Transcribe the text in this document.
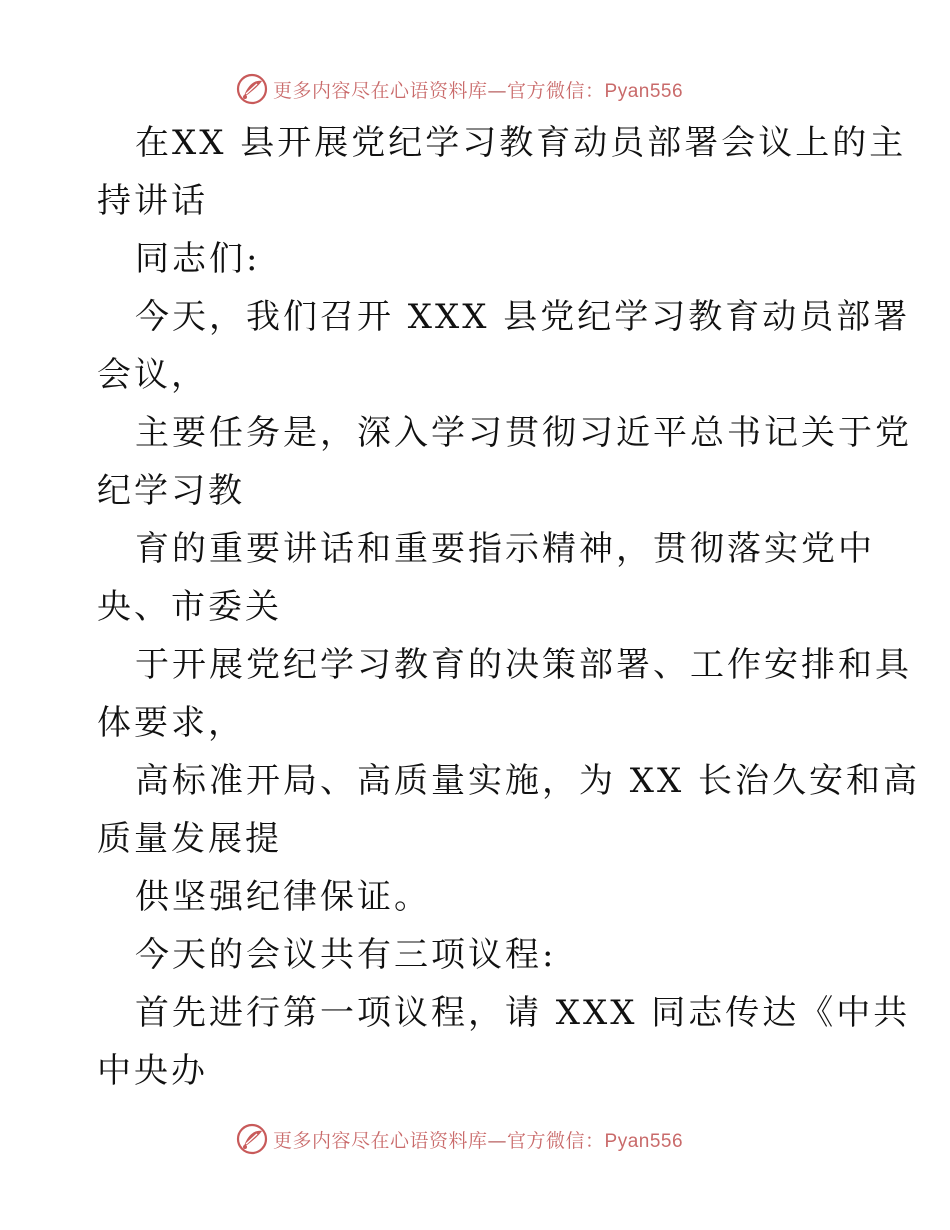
更多内容尽在心语资料库—官方微信：Pyan556
在XX 县开展党纪学习教育动员部署会议上的主
持讲话
同志们:
今天，我们召开 XXX 县党纪学习教育动员部署
会议，
主要任务是，深入学习贯彻习近平总书记关于党
纪学习教
育的重要讲话和重要指示精神，贯彻落实党中
央、市委关
于开展党纪学习教育的决策部署、工作安排和具
体要求，
高标准开局、高质量实施，为 XX 长治久安和高
质量发展提
供坚强纪律保证。
今天的会议共有三项议程:
首先进行第一项议程，请 XXX 同志传达《中共
中央办
更多内容尽在心语资料库—官方微信：Pyan556
